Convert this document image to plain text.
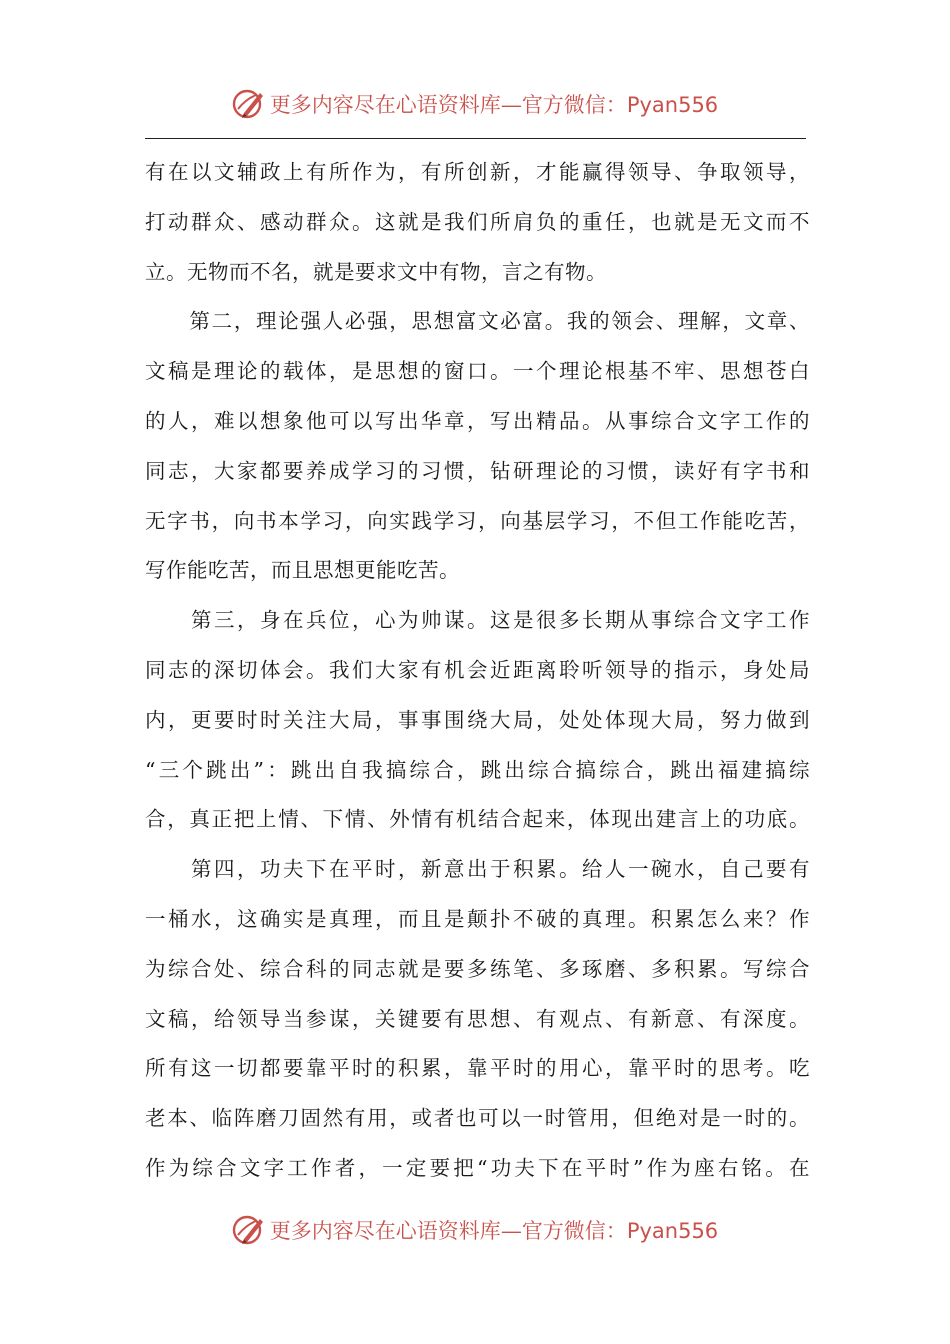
更多内容尽在心语资料库—官方微信：Pyan556
有在以文辅政上有所作为，有所创新，才能赢得领导、争取领导，
打动群众、感动群众。这就是我们所肩负的重任，也就是无文而不
立。无物而不名，就是要求文中有物，言之有物。
　　第二，理论强人必强，思想富文必富。我的领会、理解，文章、
文稿是理论的载体，是思想的窗口。一个理论根基不牢、思想苍白
的人，难以想象他可以写出华章，写出精品。从事综合文字工作的
同志，大家都要养成学习的习惯，钻研理论的习惯，读好有字书和
无字书，向书本学习，向实践学习，向基层学习，不但工作能吃苦，
写作能吃苦，而且思想更能吃苦。
　　第三，身在兵位，心为帅谋。这是很多长期从事综合文字工作
同志的深切体会。我们大家有机会近距离聆听领导的指示，身处局
内，更要时时关注大局，事事围绕大局，处处体现大局，努力做到
“三个跳出”：跳出自我搞综合，跳出综合搞综合，跳出福建搞综
合，真正把上情、下情、外情有机结合起来，体现出建言上的功底。
　　第四，功夫下在平时，新意出于积累。给人一碗水，自己要有
一桶水，这确实是真理，而且是颠扑不破的真理。积累怎么来？作
为综合处、综合科的同志就是要多练笔、多琢磨、多积累。写综合
文稿，给领导当参谋，关键要有思想、有观点、有新意、有深度。
所有这一切都要靠平时的积累，靠平时的用心，靠平时的思考。吃
老本、临阵磨刀固然有用，或者也可以一时管用，但绝对是一时的。
作为综合文字工作者，一定要把“功夫下在平时”作为座右铭。在
更多内容尽在心语资料库—官方微信：Pyan556
